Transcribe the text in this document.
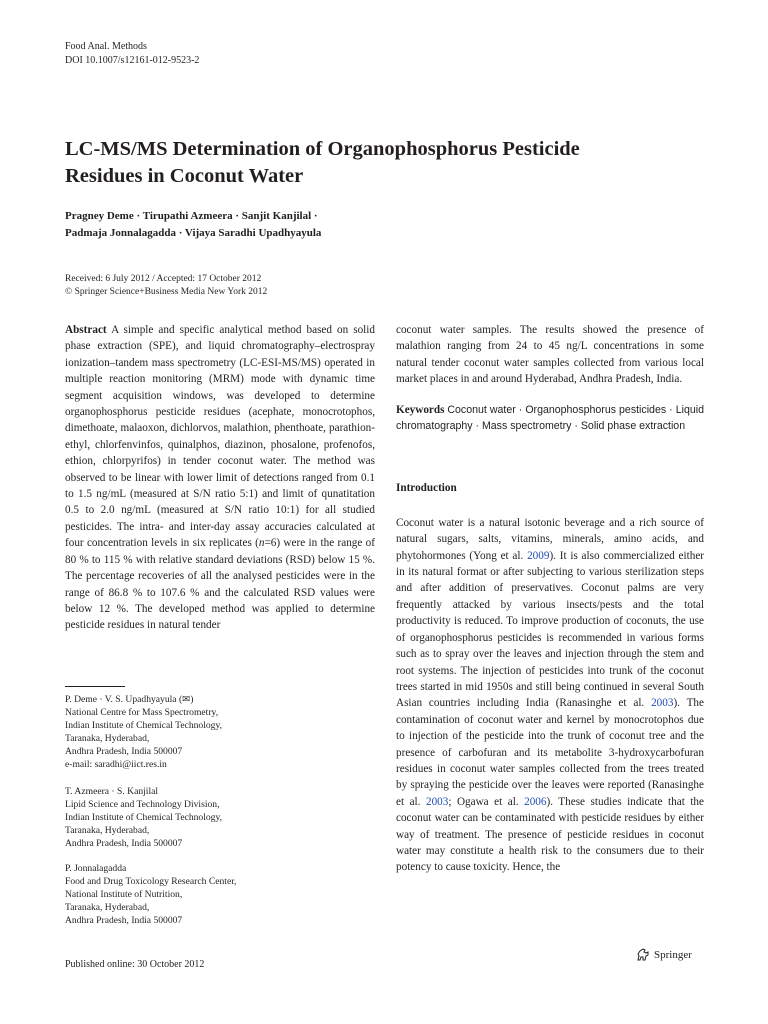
Food Anal. Methods
DOI 10.1007/s12161-012-9523-2
LC-MS/MS Determination of Organophosphorus Pesticide
Residues in Coconut Water
Pragney Deme · Tirupathi Azmeera · Sanjit Kanjilal ·
Padmaja Jonnalagadda · Vijaya Saradhi Upadhyayula
Received: 6 July 2012 / Accepted: 17 October 2012
© Springer Science+Business Media New York 2012
Abstract A simple and specific analytical method based on solid phase extraction (SPE), and liquid chromatography–electrospray ionization–tandem mass spectrometry (LC-ESI-MS/MS) operated in multiple reaction monitoring (MRM) mode with dynamic time segment acquisition windows, was developed to determine organophosphorus pesticide residues (acephate, monocrotophos, dimethoate, malaoxon, dichlorvos, malathion, phenthoate, parathion-ethyl, chlorfenvinfos, quinalphos, diazinon, phosalone, profenofos, ethion, chlorpyrifos) in tender coconut water. The method was observed to be linear with lower limit of detections ranged from 0.1 to 1.5 ng/mL (measured at S/N ratio 5:1) and limit of qunatitation 0.5 to 2.0 ng/mL (measured at S/N ratio 10:1) for all studied pesticides. The intra- and inter-day assay accuracies calculated at four concentration levels in six replicates (n=6) were in the range of 80 % to 115 % with relative standard deviations (RSD) below 15 %. The percentage recoveries of all the analysed pesticides were in the range of 86.8 % to 107.6 % and the calculated RSD values were below 12 %. The developed method was applied to determine pesticide residues in natural tender
coconut water samples. The results showed the presence of malathion ranging from 24 to 45 ng/L concentrations in some natural tender coconut water samples collected from various local market places in and around Hyderabad, Andhra Pradesh, India.
Keywords Coconut water · Organophosphorus pesticides · Liquid chromatography · Mass spectrometry · Solid phase extraction
Introduction
Coconut water is a natural isotonic beverage and a rich source of natural sugars, salts, vitamins, minerals, amino acids, and phytohormones (Yong et al. 2009). It is also commercialized either in its natural format or after subjecting to various sterilization steps and after addition of preservatives. Coconut palms are very frequently attacked by various insects/pests and the total productivity is reduced. To improve production of coconuts, the use of organophosphorus pesticides is recommended in various forms such as to spray over the leaves and injection through the stem and root systems. The injection of pesticides into trunk of the coconut trees started in mid 1950s and still being continued in several South Asian countries including India (Ranasinghe et al. 2003). The contamination of coconut water and kernel by monocrotophos due to injection of the pesticide into the trunk of coconut tree and the presence of carbofuran and its metabolite 3-hydroxycarbofuran residues in coconut water samples collected from the trees treated by spraying the pesticide over the leaves were reported (Ranasinghe et al. 2003; Ogawa et al. 2006). These studies indicate that the coconut water can be contaminated with pesticide residues by either way of treatment. The presence of pesticide residues in coconut water may constitute a health risk to the consumers due to their potency to cause toxicity. Hence, the
P. Deme · V. S. Upadhyayula (✉)
National Centre for Mass Spectrometry,
Indian Institute of Chemical Technology,
Taranaka, Hyderabad,
Andhra Pradesh, India 500007
e-mail: saradhi@iict.res.in
T. Azmeera · S. Kanjilal
Lipid Science and Technology Division,
Indian Institute of Chemical Technology,
Taranaka, Hyderabad,
Andhra Pradesh, India 500007
P. Jonnalagadda
Food and Drug Toxicology Research Center,
National Institute of Nutrition,
Taranaka, Hyderabad,
Andhra Pradesh, India 500007
Published online: 30 October 2012
Springer
